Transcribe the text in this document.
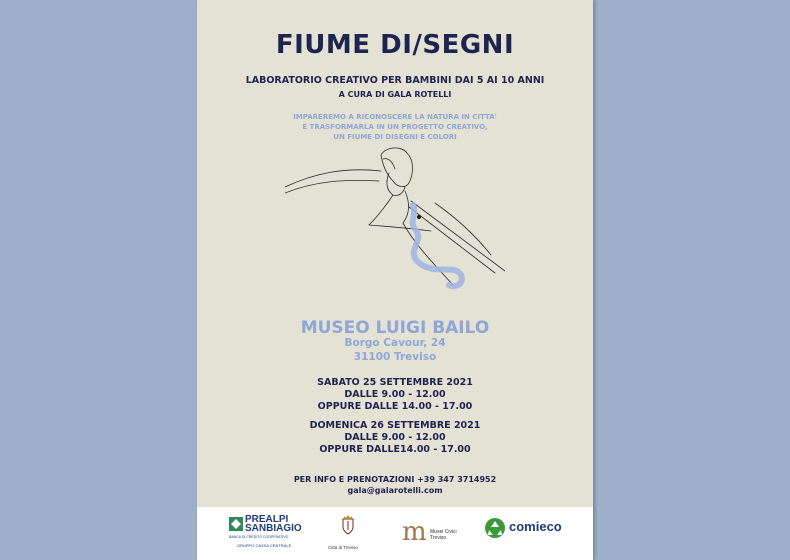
FIUME DI/SEGNI
LABORATORIO CREATIVO PER BAMBINI DAI 5 AI 10 ANNI
A CURA DI GALA ROTELLI
IMPAREREMO A RICONOSCERE LA NATURA IN CITTA'
E TRASFORMARLA IN UN PROGETTO CREATIVO,
UN FIUME DI DISEGNI E COLORI
MUSEO LUIGI BAILO
Borgo Cavour, 24
31100 Treviso
SABATO 25 SETTEMBRE 2021
DALLE 9.00 - 12.00
OPPURE DALLE 14.00 - 17.00
DOMENICA 26 SETTEMBRE 2021
DALLE 9.00 - 12.00
OPPURE DALLE14.00 - 17.00
PER INFO E PRENOTAZIONI +39 347 3714952
gala@galarotelli.com
PREALPI
SANBIAGIO
BANCA DI CREDITO COOPERATIVO
GRUPPO CASSA CENTRALE	Città di Treviso
m Musei Civici
Treviso
comieco
